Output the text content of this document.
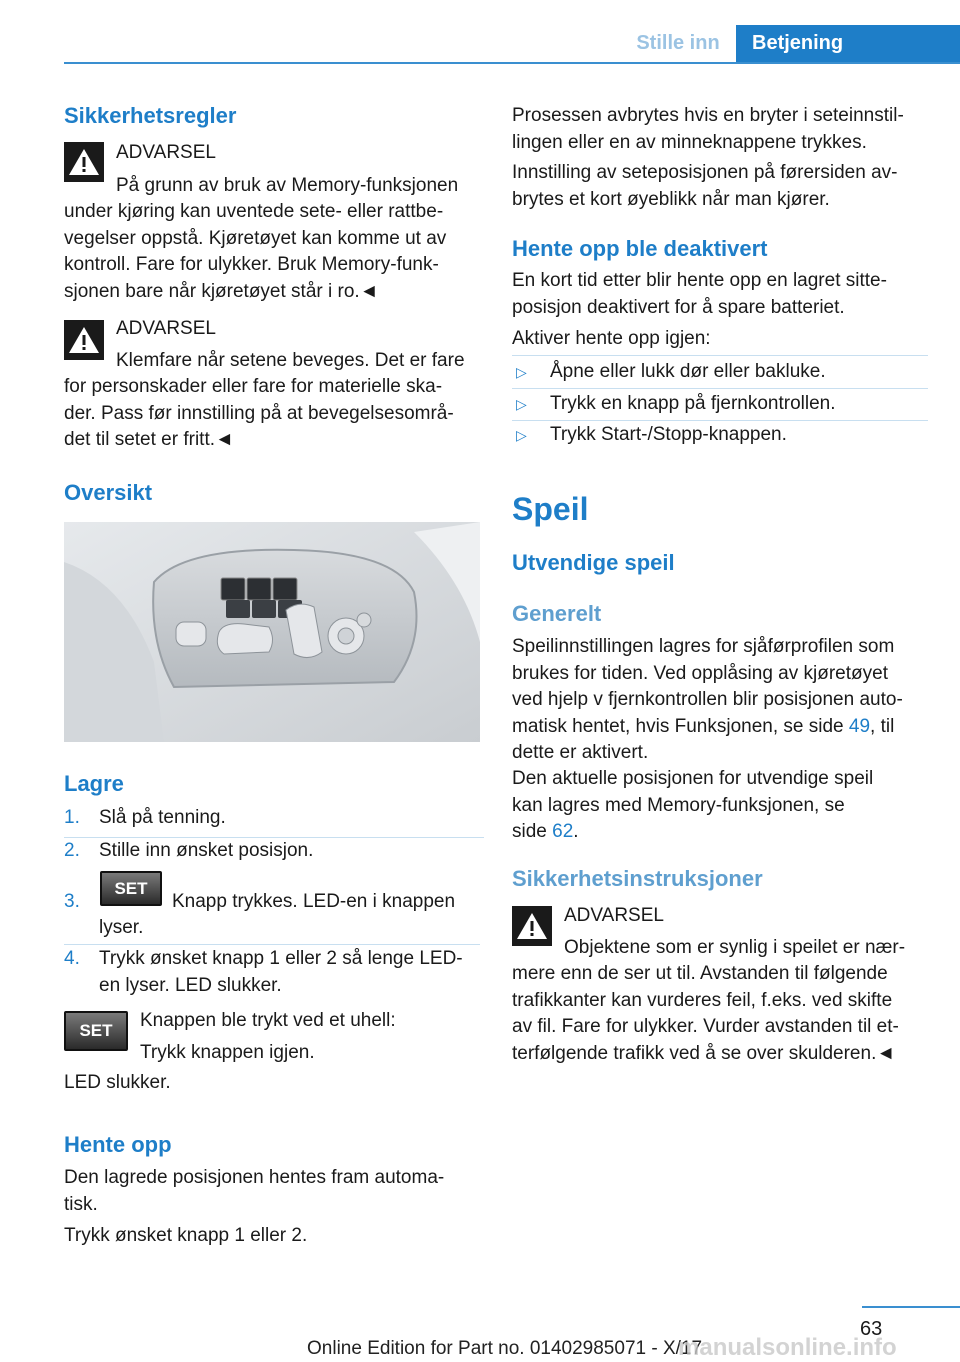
Stille inn	Betjening
Sikkerhetsregler
ADVARSEL
På grunn av bruk av Memory-funksjonen
under kjøring kan uventede sete- eller rattbe-
vegelser oppstå. Kjøretøyet kan komme ut av
kontroll. Fare for ulykker. Bruk Memory-funk-
sjonen bare når kjøretøyet står i ro.◄
ADVARSEL
Klemfare når setene beveges. Det er fare
for personskader eller fare for materielle ska-
der. Pass før innstilling på at bevegelsesområ-
det til setet er fritt.◄
Oversikt
Lagre
1.	Slå på tenning.
2.	Stille inn ønsket posisjon.
3.
SET
Knapp trykkes. LED-en i knappen
lyser.
4.	Trykk ønsket knapp 1 eller 2 så lenge LED-
en lyser. LED slukker.
SET Knappen ble trykt ved et uhell:
Trykk knappen igjen.
LED slukker.
Hente opp
Den lagrede posisjonen hentes fram automa-
tisk.
Trykk ønsket knapp 1 eller 2.
Prosessen avbrytes hvis en bryter i seteinnstil-
lingen eller en av minneknappene trykkes.
Innstilling av seteposisjonen på førersiden av-
brytes et kort øyeblikk når man kjører.
Hente opp ble deaktivert
En kort tid etter blir hente opp en lagret sitte-
posisjon deaktivert for å spare batteriet.
Aktiver hente opp igjen:
▷	Åpne eller lukk dør eller bakluke.
▷	Trykk en knapp på fjernkontrollen.
▷	Trykk Start-/Stopp-knappen.
Speil
Utvendige speil
Generelt
Speilinnstillingen lagres for sjåførprofilen som
brukes for tiden. Ved opplåsing av kjøretøyet
ved hjelp v fjernkontrollen blir posisjonen auto-
matisk hentet, hvis Funksjonen, se side 49, til
dette er aktivert.
Den aktuelle posisjonen for utvendige speil
kan lagres med Memory-funksjonen, se
side 62.
Sikkerhetsinstruksjoner
ADVARSEL
Objektene som er synlig i speilet er nær-
mere enn de ser ut til. Avstanden til følgende
trafikkanter kan vurderes feil, f.eks. ved skifte
av fil. Fare for ulykker. Vurder avstanden til et-
terfølgende trafikk ved å se over skulderen.◄
63
Online Edition for Part no. 01402985071 - X/17
manualsonline.info
